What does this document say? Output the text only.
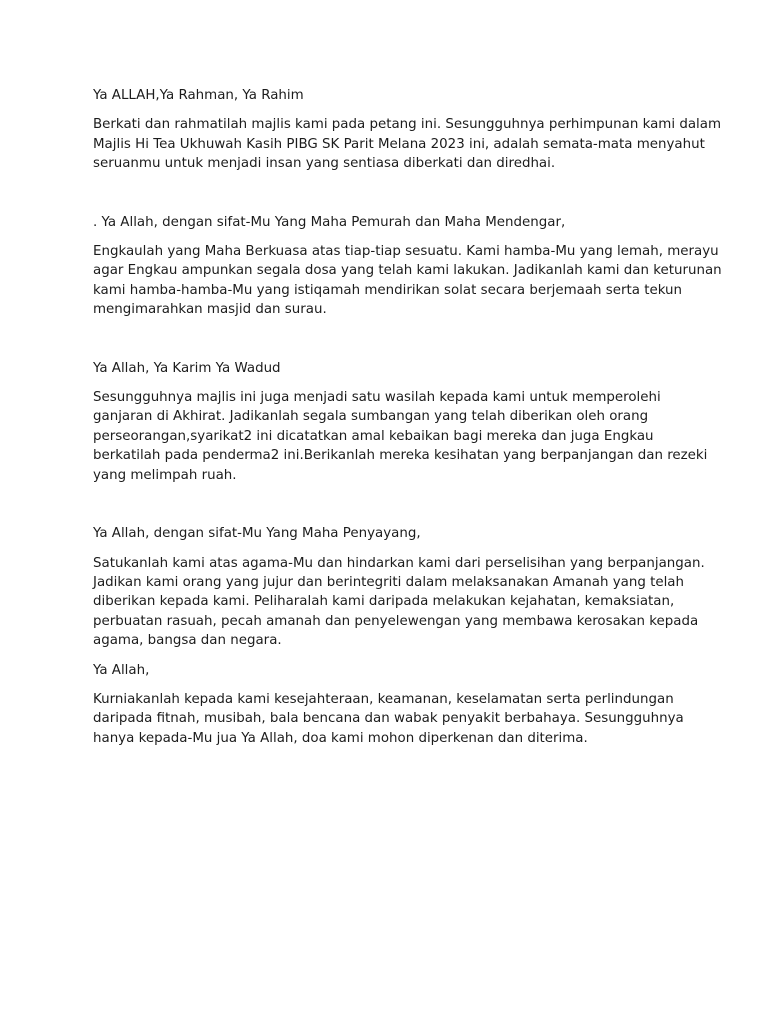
Ya ALLAH,Ya Rahman, Ya Rahim

Berkati dan rahmatilah majlis kami pada petang ini. Sesungguhnya perhimpunan kami dalam
Majlis Hi Tea Ukhuwah Kasih PIBG SK Parit Melana 2023 ini, adalah semata-mata menyahut
seruanmu untuk menjadi insan yang sentiasa diberkati dan diredhai.

. Ya Allah, dengan sifat-Mu Yang Maha Pemurah dan Maha Mendengar,

Engkaulah yang Maha Berkuasa atas tiap-tiap sesuatu. Kami hamba-Mu yang lemah, merayu
agar Engkau ampunkan segala dosa yang telah kami lakukan. Jadikanlah kami dan keturunan
kami hamba-hamba-Mu yang istiqamah mendirikan solat secara berjemaah serta tekun
mengimarahkan masjid dan surau.

Ya Allah, Ya Karim Ya Wadud

Sesungguhnya majlis ini juga menjadi satu wasilah kepada kami untuk memperolehi
ganjaran di Akhirat. Jadikanlah segala sumbangan yang telah diberikan oleh orang
perseorangan,syarikat2 ini dicatatkan amal kebaikan bagi mereka dan juga Engkau
berkatilah pada penderma2 ini.Berikanlah mereka kesihatan yang berpanjangan dan rezeki
yang melimpah ruah.

Ya Allah, dengan sifat-Mu Yang Maha Penyayang,

Satukanlah kami atas agama-Mu dan hindarkan kami dari perselisihan yang berpanjangan.
Jadikan kami orang yang jujur dan berintegriti dalam melaksanakan Amanah yang telah
diberikan kepada kami. Peliharalah kami daripada melakukan kejahatan, kemaksiatan,
perbuatan rasuah, pecah amanah dan penyelewengan yang membawa kerosakan kepada
agama, bangsa dan negara.

Ya Allah,

Kurniakanlah kepada kami kesejahteraan, keamanan, keselamatan serta perlindungan
daripada fitnah, musibah, bala bencana dan wabak penyakit berbahaya. Sesungguhnya
hanya kepada-Mu jua Ya Allah, doa kami mohon diperkenan dan diterima.
